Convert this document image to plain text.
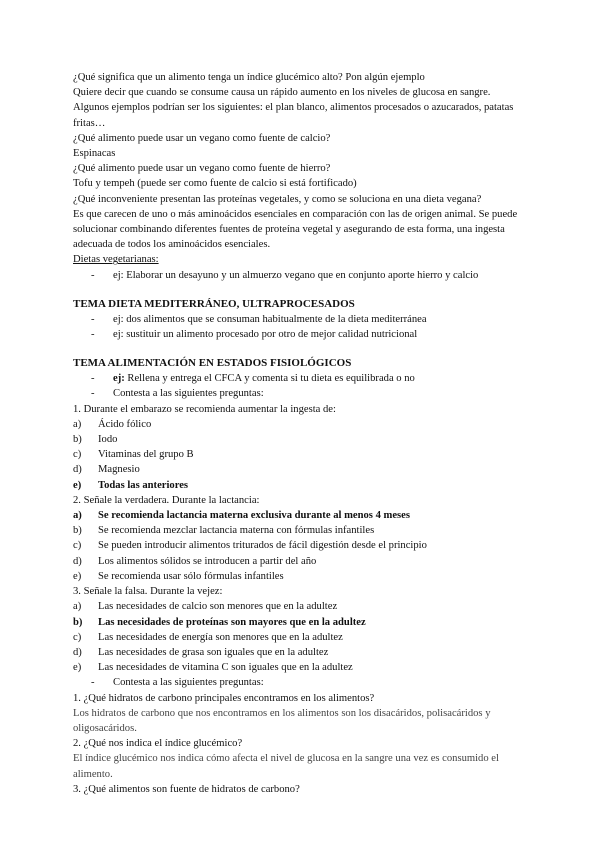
¿Qué significa que un alimento tenga un índice glucémico alto? Pon algún ejemplo
Quiere decir que cuando se consume causa un rápido aumento en los niveles de glucosa en sangre.
Algunos ejemplos podrían ser los siguientes: el plan blanco, alimentos procesados o azucarados, patatas fritas…
¿Qué alimento puede usar un vegano como fuente de calcio?
Espinacas
¿Qué alimento puede usar un vegano como fuente de hierro?
Tofu y tempeh (puede ser como fuente de calcio si está fortificado)
¿Qué inconveniente presentan las proteínas vegetales, y como se soluciona en una dieta vegana?
Es que carecen de uno o más aminoácidos esenciales en comparación con las de origen animal. Se puede solucionar combinando diferentes fuentes de proteína vegetal y asegurando de esta forma, una ingesta adecuada de todos los aminoácidos esenciales.
Dietas vegetarianas:
- ej: Elaborar un desayuno y un almuerzo vegano que en conjunto aporte hierro y calcio
TEMA DIETA MEDITERRÁNEO, ULTRAPROCESADOS
- ej: dos alimentos que se consuman habitualmente de la dieta mediterránea
- ej: sustituir un alimento procesado por otro de mejor calidad nutricional
TEMA ALIMENTACIÓN EN ESTADOS FISIOLÓGICOS
- ej: Rellena y entrega el CFCA y comenta si tu dieta es equilibrada o no
- Contesta a las siguientes preguntas:
1. Durante el embarazo se recomienda aumentar la ingesta de:
a)	Ácido fólico
b)	Iodo
c)	Vitaminas del grupo B
d)	Magnesio
e)	Todas las anteriores
2. Señale la verdadera. Durante la lactancia:
a)	Se recomienda lactancia materna exclusiva durante al menos 4 meses
b)	Se recomienda mezclar lactancia materna con fórmulas infantiles
c)	Se pueden introducir alimentos triturados de fácil digestión desde el principio
d)	Los alimentos sólidos se introducen a partir del año
e)	Se recomienda usar sólo fórmulas infantiles
3. Señale la falsa. Durante la vejez:
a)	Las necesidades de calcio son menores que en la adultez
b)	Las necesidades de proteínas son mayores que en la adultez
c)	Las necesidades de energía son menores que en la adultez
d)	Las necesidades de grasa son iguales que en la adultez
e)	Las necesidades de vitamina C son iguales que en la adultez
- Contesta a las siguientes preguntas:
1. ¿Qué hidratos de carbono principales encontramos en los alimentos?
Los hidratos de carbono que nos encontramos en los alimentos son los disacáridos, polisacáridos y oligosacáridos.
2. ¿Qué nos indica el índice glucémico?
El índice glucémico nos indica cómo afecta el nivel de glucosa en la sangre una vez es consumido el alimento.
3. ¿Qué alimentos son fuente de hidratos de carbono?
